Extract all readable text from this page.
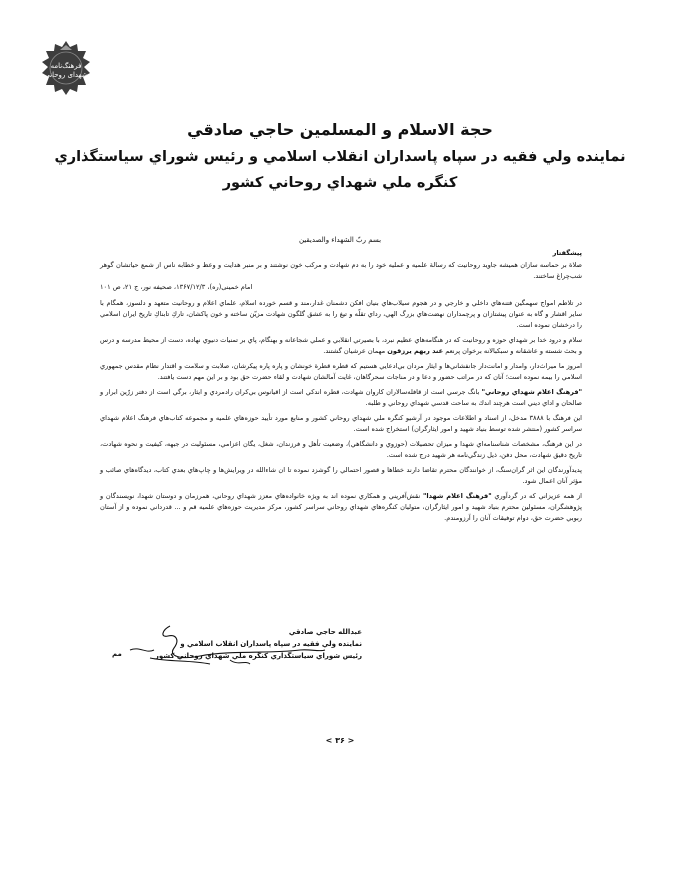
فرهنگ‌نامه
شهدای روحانی
حجة الاسلام و المسلمين حاجي صادقي
نماينده ولي فقيه در سپاه پاسداران انقلاب اسلامي و رئيس شوراي سياستگذاري
كنگره ملي شهداي روحاني كشور
بسم ربّ الشهداء والصديقين
پيشگفتار

صلاة بر حماسه سازان هميشه جاويد روحانيت كه رسالة علميه و عمليه خود را به دم شهادت و مركب خون نوشتند و بر منبر هدايت و وعظ و خطابه ناس از شمع حياتشان گوهر شب‌چراغ ساختند.

امام خمینی(ره)، ۱۳۶۷/۱۲/۳، صحیفه نور، ج ۲۱، ص ۱۰۱

در تلاطم امواج سهمگين فتنه‌هاي داخلي و خارجي و در هجوم سيلاب‌هاي بنيان افكن دشمنان غدار،مند و قسم خورده اسلام، علماي اعلام و روحانيت متعهد و دلسوز، همگام با ساير اقشار و گاه به عنوان پيشتازان و پرچمداران نهضت‌هاي بزرگ الهي، رداي تقلّه و تيغ را به عشق گلگون شهادت مزيّن ساخته و خون پاكشان، تاركِ تابناكِ تاريخ ايران اسلامي را درخشان نموده است.

سلام و درود خدا بر شهداي حوزه و روحانيت كه در هنگامه‌هاي عظيم نبرد، با بصيرتي انقلابي و عملي شجاعانه و بهنگام، پاي بر تمنيات دنيوي نهاده، دست از محيط مدرسه و درس و بحث شسته و عاشقانه و سبكبالانه برخوان پرنعم عند ربهم يرزقون مهمان عرشيان گشتند.

امروز ما ميراث‌دار، وامدار و امانت‌دار جانفشاني‌ها و ايثار مردان بي‌ادعايي هستيم كه قطره قطرة خونشان و پاره پاره پيكرشان، صلابت و سلامت و اقتدار نظام مقدس جمهوري اسلامي را بيمه نموده است؛ آنان كه در مراتب حضور و دعا و در مناجات سحرگاهان، غايت آمالشان شهادت و لقاء حضرت حق بود و بر اين مهم دست يافتند.

"فرهنگ اعلام شهداي روحاني" بانگ جرسي است از قافله‌سالاران كاروان شهادت، قطره اندكي است از اقيانوس بي‌كران رادمردي و ايثار، برگي است از دفتر زرّين ابرار و صالحان و اداي ديني است هرچند اندك به ساحت قدسي شهداي روحاني و طلبه.

اين فرهنگ با ٣٨٨٨ مدخل، از اسناد و اطلاعات موجود در آرشيو كنگره ملي شهداي روحاني كشور و منابع مورد تأييد حوزه‌هاي علميه و مجموعه كتاب‌هاي فرهنگ اعلام شهداي سراسر كشور (منتشر شده توسط بنياد شهيد و امور ايثارگران) استخراج شده است.

در اين فرهنگ، مشخصات شناسنامه‌اي شهدا و ميزان تحصيلات (حوزوي و دانشگاهي)، وضعيت تأهل و فرزندان، شغل، يگان اعزامي، مسئوليت در جبهه، كيفيت و نحوه شهادت، تاريخ دقيق شهادت، محل دفن، ذيل زندگي‌نامه هر شهيد درج شده است.

پديدآورندگان اين اثر گران‌سنگ، از خوانندگان محترم تقاضا دارند خطاها و قصور احتمالي را گوشزد نموده تا ان شاءالله در ويرايش‌ها و چاپ‌هاي بعدي كتاب، ديدگاه‌هاي صائب و مؤثر آنان اعمال شود.

از همه عزيزاني كه در گردآوري "فرهنگ اعلام شهدا" نقش‌آفريني و همكاري نموده اند به ويژه خانواده‌هاي معزز شهداي روحاني، همرزمان و دوستان شهدا، نويسندگان و پژوهشگران، مسئولين محترم بنياد شهيد و امور ايثارگران، متوليان كنگره‌هاي شهداي روحاني سراسر كشور، مركز مديريت حوزه‌هاي علميه قم و ... قدرداني نموده و از آستان ربوبي حضرت حق، دوام توفيقات آنان را آرزومندم.

عبدالله حاجي صادقي
نماينده ولي فقيه در سپاه پاسداران انقلاب اسلامي و
رئيس شوراي سياستگذاري كنگره ملي شهداي روحاني كشور
مم
< ۳۶ >
